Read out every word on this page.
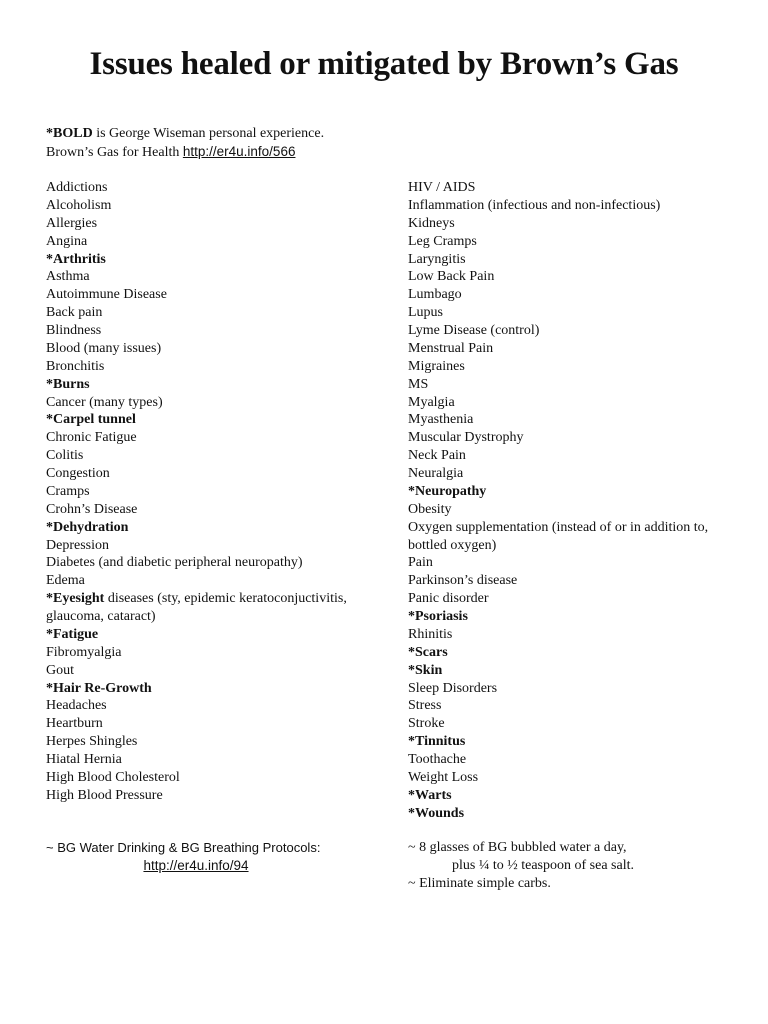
Issues healed or mitigated by Brown’s Gas
*BOLD is George Wiseman personal experience.
Brown’s Gas for Health http://er4u.info/566
Addictions
Alcoholism
Allergies
Angina
*Arthritis
Asthma
Autoimmune Disease
Back pain
Blindness
Blood (many issues)
Bronchitis
*Burns
Cancer (many types)
*Carpel tunnel
Chronic Fatigue
Colitis
Congestion
Cramps
Crohn’s Disease
*Dehydration
Depression
Diabetes (and diabetic peripheral neuropathy)
Edema
*Eyesight diseases (sty, epidemic keratoconjuctivitis, glaucoma, cataract)
*Fatigue
Fibromyalgia
Gout
*Hair Re-Growth
Headaches
Heartburn
Herpes Shingles
Hiatal Hernia
High Blood Cholesterol
High Blood Pressure
HIV / AIDS
Inflammation (infectious and non-infectious)
Kidneys
Leg Cramps
Laryngitis
Low Back Pain
Lumbago
Lupus
Lyme Disease (control)
Menstrual Pain
Migraines
MS
Myalgia
Myasthenia
Muscular Dystrophy
Neck Pain
Neuralgia
*Neuropathy
Obesity
Oxygen supplementation (instead of or in addition to, bottled oxygen)
Pain
Parkinson’s disease
Panic disorder
*Psoriasis
Rhinitis
*Scars
*Skin
Sleep Disorders
Stress
Stroke
*Tinnitus
Toothache
Weight Loss
*Warts
*Wounds
~ BG Water Drinking & BG Breathing Protocols:
http://er4u.info/94
~ 8 glasses of BG bubbled water a day,
plus ¼ to ½ teaspoon of sea salt.
~ Eliminate simple carbs.
